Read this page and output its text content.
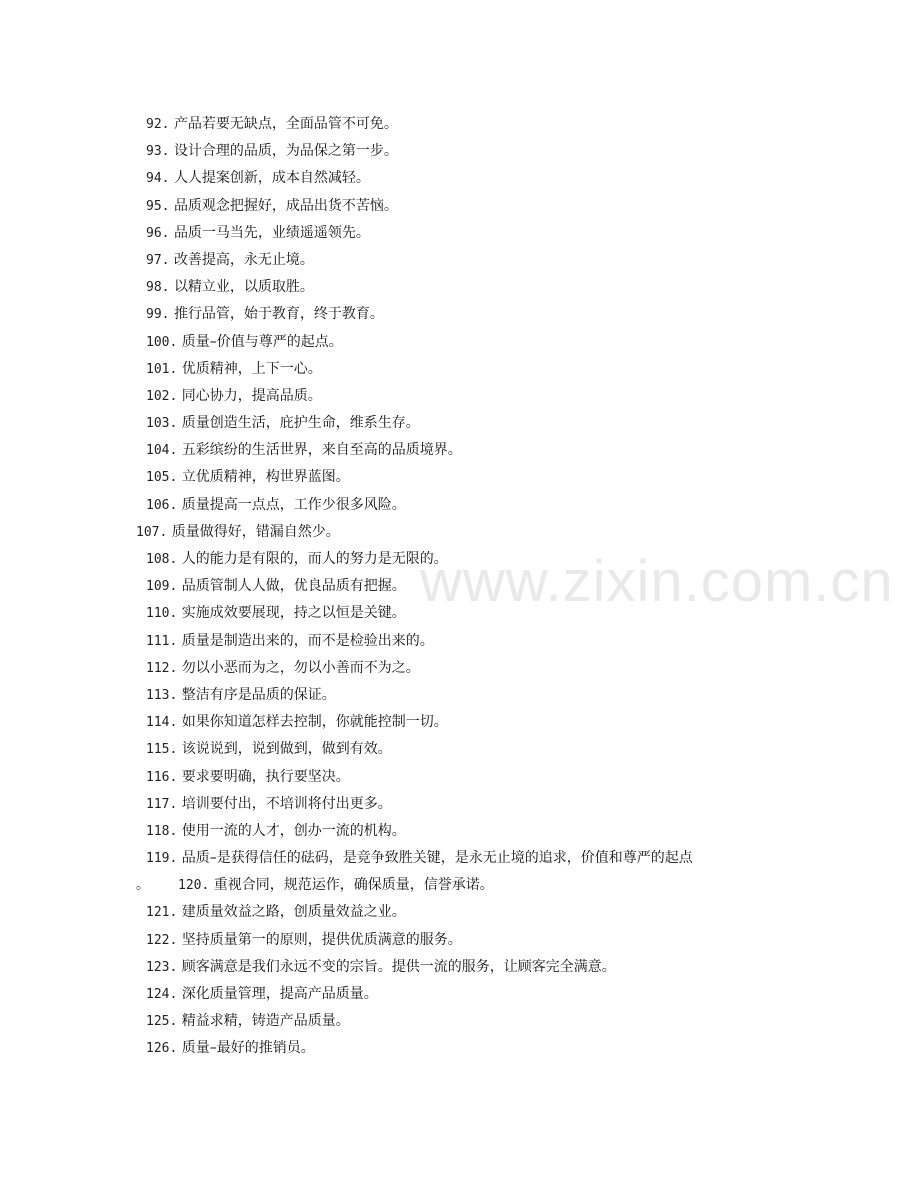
www.zixin.com.cn
92. 产品若要无缺点，全面品管不可免。
93. 设计合理的品质，为品保之第一步。
94. 人人提案创新，成本自然减轻。
95. 品质观念把握好，成品出货不苦恼。
96. 品质一马当先，业绩遥遥领先。
97. 改善提高，永无止境。
98. 以精立业，以质取胜。
99. 推行品管，始于教育，终于教育。
100. 质量–价值与尊严的起点。
101. 优质精神，上下一心。
102. 同心协力，提高品质。
103. 质量创造生活，庇护生命，维系生存。
104. 五彩缤纷的生活世界，来自至高的品质境界。
105. 立优质精神，构世界蓝图。
106. 质量提高一点点，工作少很多风险。
107. 质量做得好，错漏自然少。
108. 人的能力是有限的，而人的努力是无限的。
109. 品质管制人人做，优良品质有把握。
110. 实施成效要展现，持之以恒是关键。
111. 质量是制造出来的，而不是检验出来的。
112. 勿以小恶而为之，勿以小善而不为之。
113. 整洁有序是品质的保证。
114. 如果你知道怎样去控制，你就能控制一切。
115. 该说说到，说到做到，做到有效。
116. 要求要明确，执行要坚决。
117. 培训要付出，不培训将付出更多。
118. 使用一流的人才，创办一流的机构。
119. 品质–是获得信任的砝码，是竞争致胜关键，是永无止境的追求，价值和尊严的起点
。 120. 重视合同，规范运作，确保质量，信誉承诺。
121. 建质量效益之路，创质量效益之业。
122. 坚持质量第一的原则，提供优质满意的服务。
123. 顾客满意是我们永远不变的宗旨。提供一流的服务，让顾客完全满意。
124. 深化质量管理，提高产品质量。
125. 精益求精，铸造产品质量。
126. 质量–最好的推销员。
